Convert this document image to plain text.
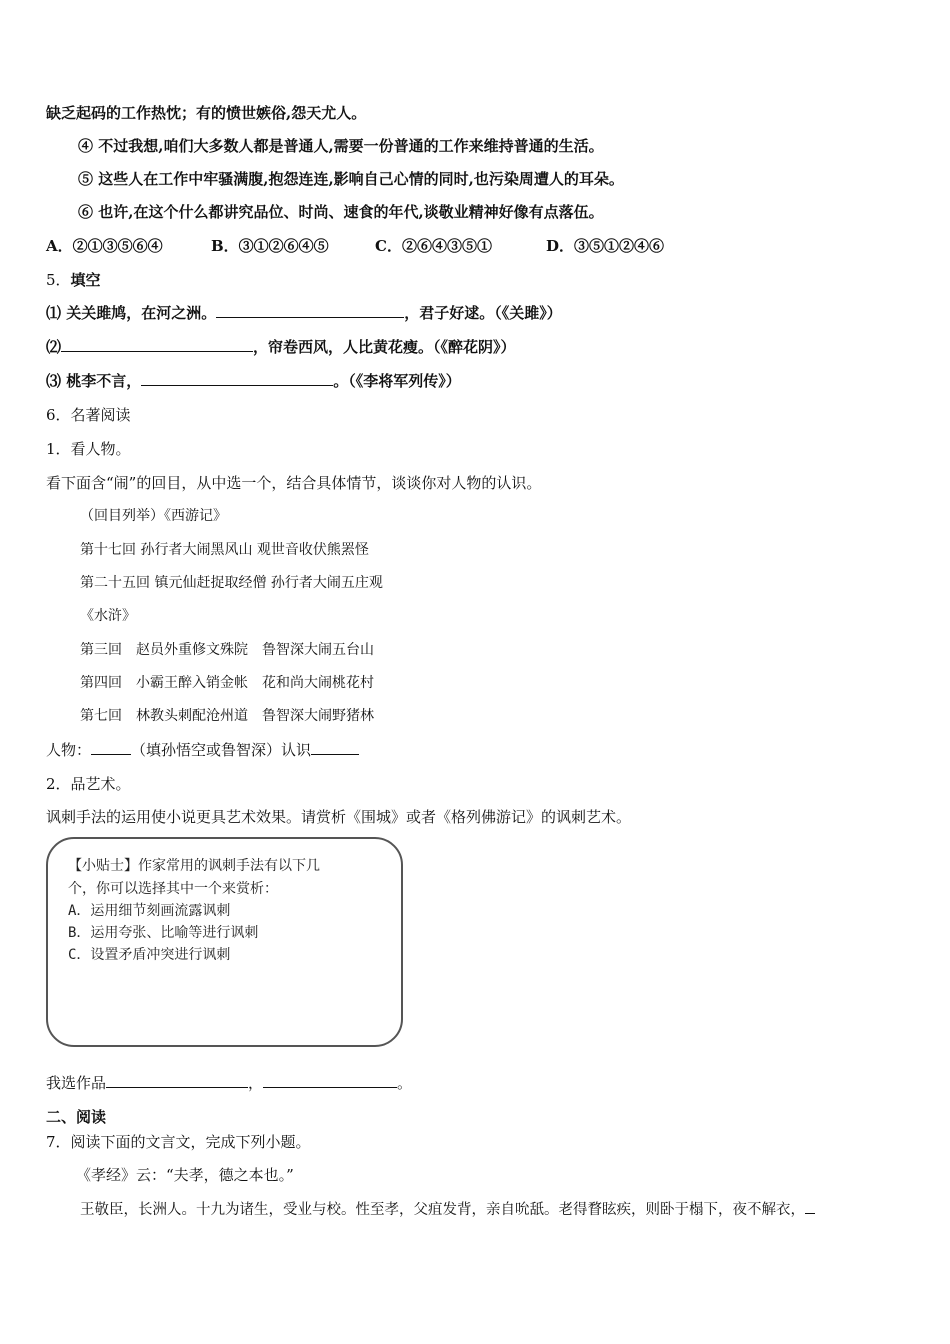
缺乏起码的工作热忱；有的愤世嫉俗,怨天尤人。
④ 不过我想,咱们大多数人都是普通人,需要一份普通的工作来维持普通的生活。
⑤ 这些人在工作中牢骚满腹,抱怨连连,影响自己心情的同时,也污染周遭人的耳朵。
⑥ 也许,在这个什么都讲究品位、时尚、速食的年代,谈敬业精神好像有点落伍。
A．②①③⑤⑥④	B．③①②⑥④⑤	C．②⑥④③⑤①	D．③⑤①②④⑥
5．填空
⑴ 关关雎鸠，在河之洲。	，君子好逑。（《关雎》）
⑵	，帘卷西风，人比黄花瘦。（《醉花阴》）
⑶ 桃李不言，	。（《李将军列传》）
6．名著阅读
1．看人物。
看下面含“闹”的回目，从中选一个，结合具体情节，谈谈你对人物的认识。
（回目列举）《西游记》
第十七回 孙行者大闹黑风山 观世音收伏熊罴怪
第二十五回 镇元仙赶捉取经僧 孙行者大闹五庄观
《水浒》
第三回　赵员外重修文殊院　鲁智深大闹五台山
第四回　小霸王醉入销金帐　花和尚大闹桃花村
第七回　林教头刺配沧州道　鲁智深大闹野猪林
人物：	（填孙悟空或鲁智深）认识
2．品艺术。
讽刺手法的运用使小说更具艺术效果。请赏析《围城》或者《格列佛游记》的讽刺艺术。
【小贴士】作家常用的讽刺手法有以下几
个，你可以选择其中一个来赏析：
A．运用细节刻画流露讽刺
B．运用夸张、比喻等进行讽刺
C．设置矛盾冲突进行讽刺
我选作品	，	。
二、阅读
7．阅读下面的文言文，完成下列小题。
《孝经》云：“夫孝，德之本也。”
王敬臣，长洲人。十九为诸生，受业与校。性至孝，父疽发背，亲自吮舐。老得瞀眩疾，则卧于榻下，夜不解衣，
